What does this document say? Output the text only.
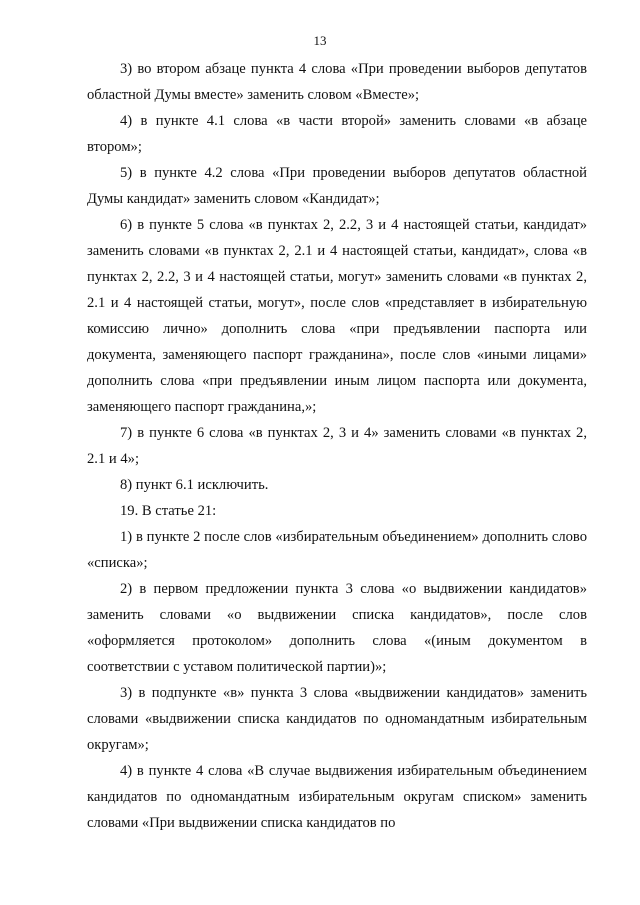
13

3) во втором абзаце пункта 4 слова «При проведении выборов депутатов областной Думы вместе» заменить словом «Вместе»;

4) в пункте 4.1 слова «в части второй» заменить словами «в абзаце втором»;

5) в пункте 4.2 слова «При проведении выборов депутатов областной Думы кандидат» заменить словом «Кандидат»;

6) в пункте 5 слова «в пунктах 2, 2.2, 3 и 4 настоящей статьи, кандидат» заменить словами «в пунктах 2, 2.1 и 4 настоящей статьи, кандидат», слова «в пунктах 2, 2.2, 3 и 4 настоящей статьи, могут» заменить словами «в пунктах 2, 2.1 и 4 настоящей статьи, могут», после слов «представляет в избирательную комиссию лично» дополнить слова «при предъявлении паспорта или документа, заменяющего паспорт гражданина», после слов «иными лицами» дополнить слова «при предъявлении иным лицом паспорта или документа, заменяющего паспорт гражданина,»;

7) в пункте 6 слова «в пунктах 2, 3 и 4» заменить словами «в пунктах 2, 2.1 и 4»;

8) пункт 6.1 исключить.

19. В статье 21:

1) в пункте 2 после слов «избирательным объединением» дополнить слово «списка»;

2) в первом предложении пункта 3 слова «о выдвижении кандидатов» заменить словами «о выдвижении списка кандидатов», после слов «оформляется протоколом» дополнить слова «(иным документом в соответствии с уставом политической партии)»;

3) в подпункте «в» пункта 3 слова «выдвижении кандидатов» заменить словами «выдвижении списка кандидатов по одномандатным избирательным округам»;

4) в пункте 4 слова «В случае выдвижения избирательным объединением кандидатов по одномандатным избирательным округам списком» заменить словами «При выдвижении списка кандидатов по
